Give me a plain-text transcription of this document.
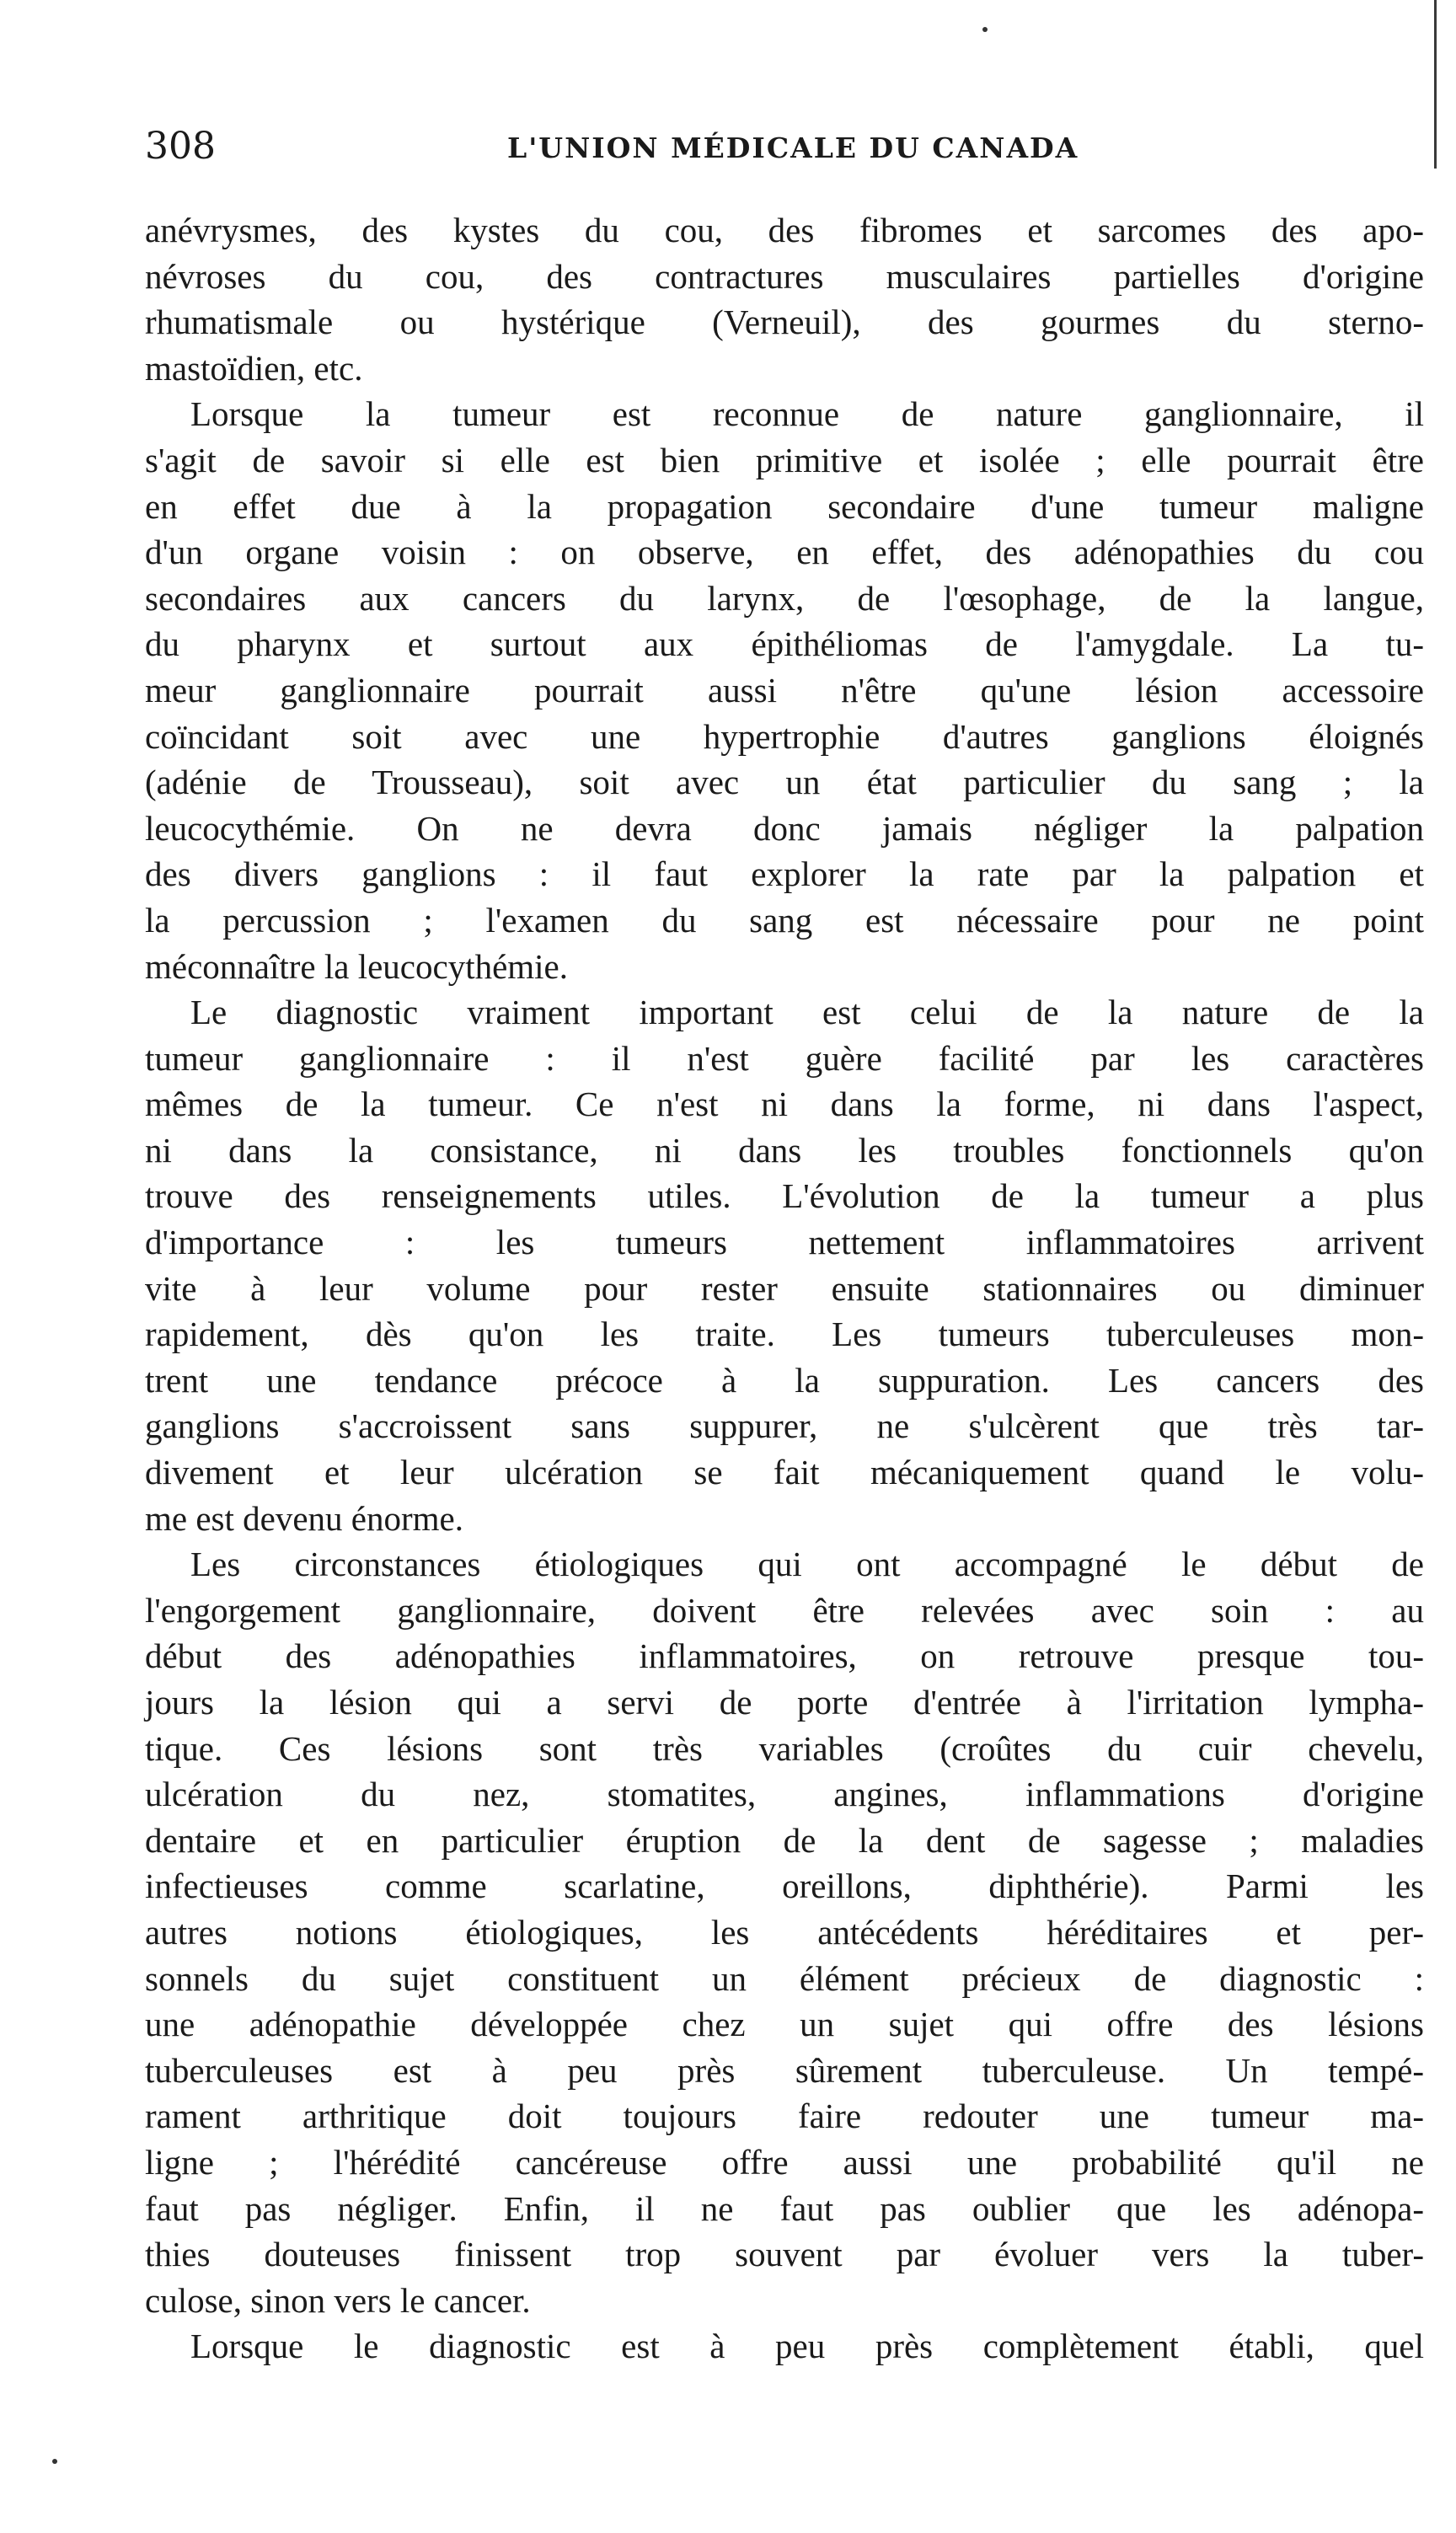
308	L'UNION MÉDICALE DU CANADA
anévrysmes, des kystes du cou, des fibromes et sarcomes des apo-
névroses du cou, des contractures musculaires partielles d'origine
rhumatismale ou hystérique (Verneuil), des gourmes du sterno-
mastoïdien, etc.
Lorsque la tumeur est reconnue de nature ganglionnaire, il
s'agit de savoir si elle est bien primitive et isolée ; elle pourrait être
en effet due à la propagation secondaire d'une tumeur maligne
d'un organe voisin : on observe, en effet, des adénopathies du cou
secondaires aux cancers du larynx, de l'œsophage, de la langue,
du pharynx et surtout aux épithéliomas de l'amygdale. La tu-
meur ganglionnaire pourrait aussi n'être qu'une lésion accessoire
coïncidant soit avec une hypertrophie d'autres ganglions éloignés
(adénie de Trousseau), soit avec un état particulier du sang ; la
leucocythémie. On ne devra donc jamais négliger la palpation
des divers ganglions : il faut explorer la rate par la palpation et
la percussion ; l'examen du sang est nécessaire pour ne point
méconnaître la leucocythémie.
Le diagnostic vraiment important est celui de la nature de la
tumeur ganglionnaire : il n'est guère facilité par les caractères
mêmes de la tumeur. Ce n'est ni dans la forme, ni dans l'aspect,
ni dans la consistance, ni dans les troubles fonctionnels qu'on
trouve des renseignements utiles. L'évolution de la tumeur a plus
d'importance : les tumeurs nettement inflammatoires arrivent
vite à leur volume pour rester ensuite stationnaires ou diminuer
rapidement, dès qu'on les traite. Les tumeurs tuberculeuses mon-
trent une tendance précoce à la suppuration. Les cancers des
ganglions s'accroissent sans suppurer, ne s'ulcèrent que très tar-
divement et leur ulcération se fait mécaniquement quand le volu-
me est devenu énorme.
Les circonstances étiologiques qui ont accompagné le début de
l'engorgement ganglionnaire, doivent être relevées avec soin : au
début des adénopathies inflammatoires, on retrouve presque tou-
jours la lésion qui a servi de porte d'entrée à l'irritation lympha-
tique. Ces lésions sont très variables (croûtes du cuir chevelu,
ulcération du nez, stomatites, angines, inflammations d'origine
dentaire et en particulier éruption de la dent de sagesse ; maladies
infectieuses comme scarlatine, oreillons, diphthérie). Parmi les
autres notions étiologiques, les antécédents héréditaires et per-
sonnels du sujet constituent un élément précieux de diagnostic :
une adénopathie développée chez un sujet qui offre des lésions
tuberculeuses est à peu près sûrement tuberculeuse. Un tempé-
rament arthritique doit toujours faire redouter une tumeur ma-
ligne ; l'hérédité cancéreuse offre aussi une probabilité qu'il ne
faut pas négliger. Enfin, il ne faut pas oublier que les adénopa-
thies douteuses finissent trop souvent par évoluer vers la tuber-
culose, sinon vers le cancer.
Lorsque le diagnostic est à peu près complètement établi, quel
